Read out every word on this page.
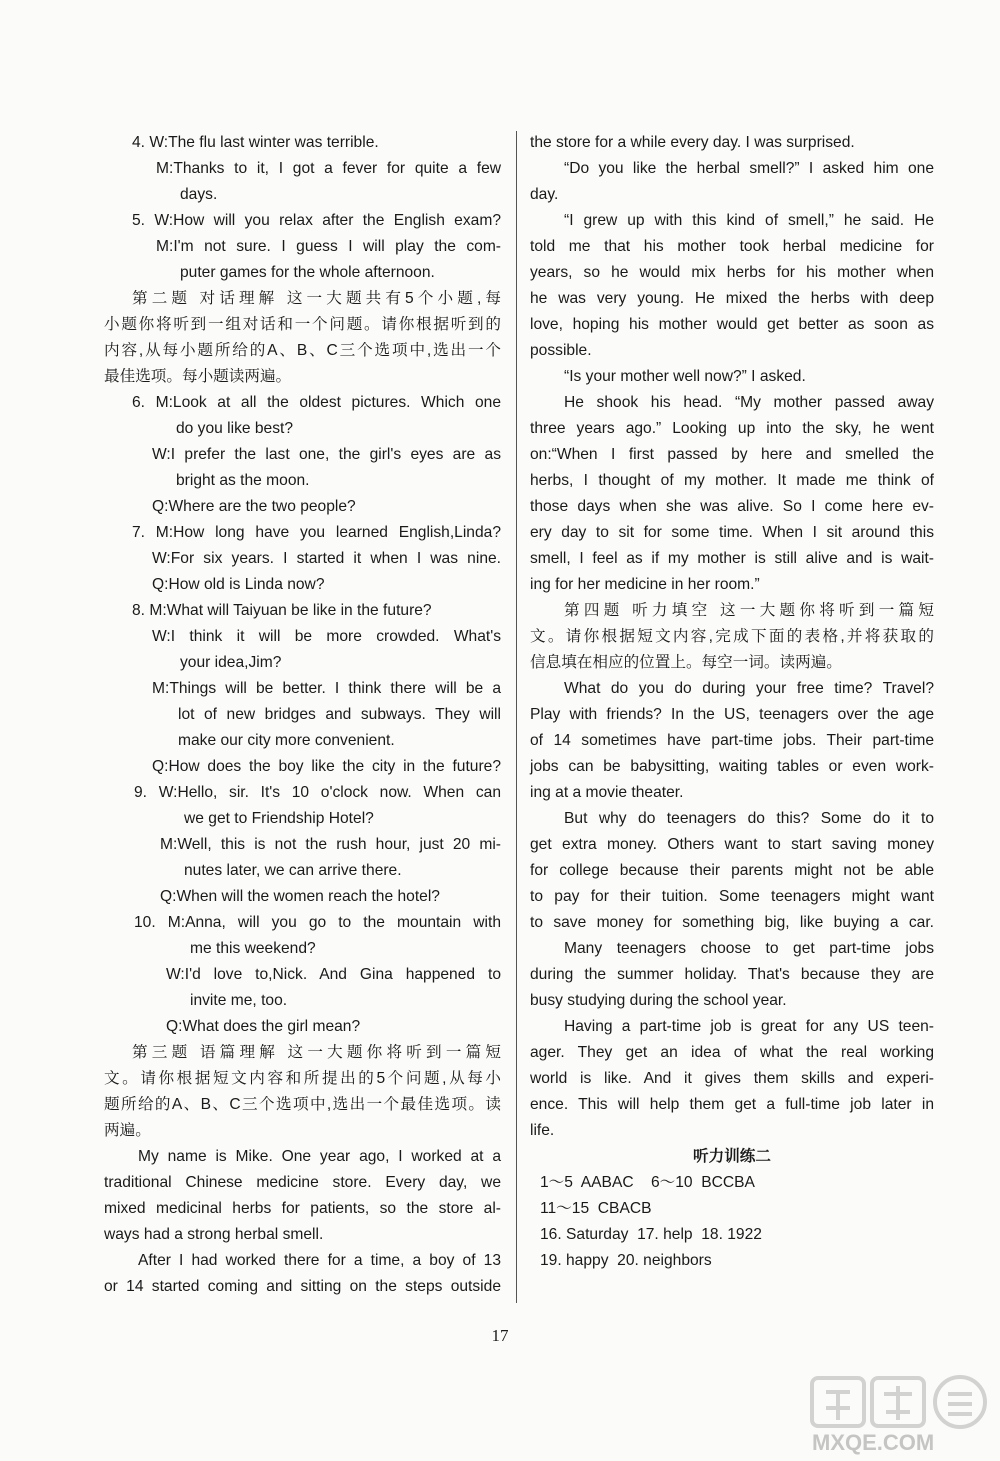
4. W:The flu last winter was terrible.
M:Thanks to it, I got a fever for quite a few
days.
5. W:How will you relax after the English exam?
M:I'm not sure. I guess I will play the com-
puter games for the whole afternoon.
第二题 对话理解 这一大题共有5个小题,每
小题你将听到一组对话和一个问题。请你根据听到的
内容,从每小题所给的A、B、C三个选项中,选出一个
最佳选项。每小题读两遍。
6. M:Look at all the oldest pictures. Which one
do you like best?
W:I prefer the last one, the girl's eyes are as
bright as the moon.
Q:Where are the two people?
7. M:How long have you learned English,Linda?
W:For six years. I started it when I was nine.
Q:How old is Linda now?
8. M:What will Taiyuan be like in the future?
W:I think it will be more crowded. What's
your idea,Jim?
M:Things will be better. I think there will be a
lot of new bridges and subways. They will
make our city more convenient.
Q:How does the boy like the city in the future?
9. W:Hello, sir. It's 10 o'clock now. When can
we get to Friendship Hotel?
M:Well, this is not the rush hour, just 20 mi-
nutes later, we can arrive there.
Q:When will the women reach the hotel?
10. M:Anna, will you go to the mountain with
me this weekend?
W:I'd love to,Nick. And Gina happened to
invite me, too.
Q:What does the girl mean?
第三题 语篇理解 这一大题你将听到一篇短
文。请你根据短文内容和所提出的5个问题,从每小
题所给的A、B、C三个选项中,选出一个最佳选项。读
两遍。
My name is Mike. One year ago, I worked at a
traditional Chinese medicine store. Every day, we
mixed medicinal herbs for patients, so the store al-
ways had a strong herbal smell.
After I had worked there for a time, a boy of 13
or 14 started coming and sitting on the steps outside
the store for a while every day. I was surprised.
“Do you like the herbal smell?” I asked him one
day.
“I grew up with this kind of smell,” he said. He
told me that his mother took herbal medicine for
years, so he would mix herbs for his mother when
he was very young. He mixed the herbs with deep
love, hoping his mother would get better as soon as
possible.
“Is your mother well now?” I asked.
He shook his head. “My mother passed away
three years ago.” Looking up into the sky, he went
on:“When I first passed by here and smelled the
herbs, I thought of my mother. It made me think of
those days when she was alive. So I come here ev-
ery day to sit for some time. When I sit around this
smell, I feel as if my mother is still alive and is wait-
ing for her medicine in her room.”
第四题 听力填空 这一大题你将听到一篇短
文。请你根据短文内容,完成下面的表格,并将获取的
信息填在相应的位置上。每空一词。读两遍。
What do you do during your free time? Travel?
Play with friends? In the US, teenagers over the age
of 14 sometimes have part-time jobs. Their part-time
jobs can be babysitting, waiting tables or even work-
ing at a movie theater.
But why do teenagers do this? Some do it to
get extra money. Others want to start saving money
for college because their parents might not be able
to pay for their tuition. Some teenagers might want
to save money for something big, like buying a car.
Many teenagers choose to get part-time jobs
during the summer holiday. That's because they are
busy studying during the school year.
Having a part-time job is great for any US teen-
ager. They get an idea of what the real working
world is like. And it gives them skills and experi-
ence. This will help them get a full-time job later in
life.
听力训练二
1～5  AABAC    6～10  BCCBA
11～15  CBACB
16. Saturday  17. help  18. 1922
19. happy  20. neighbors
17
MXQE.COM
